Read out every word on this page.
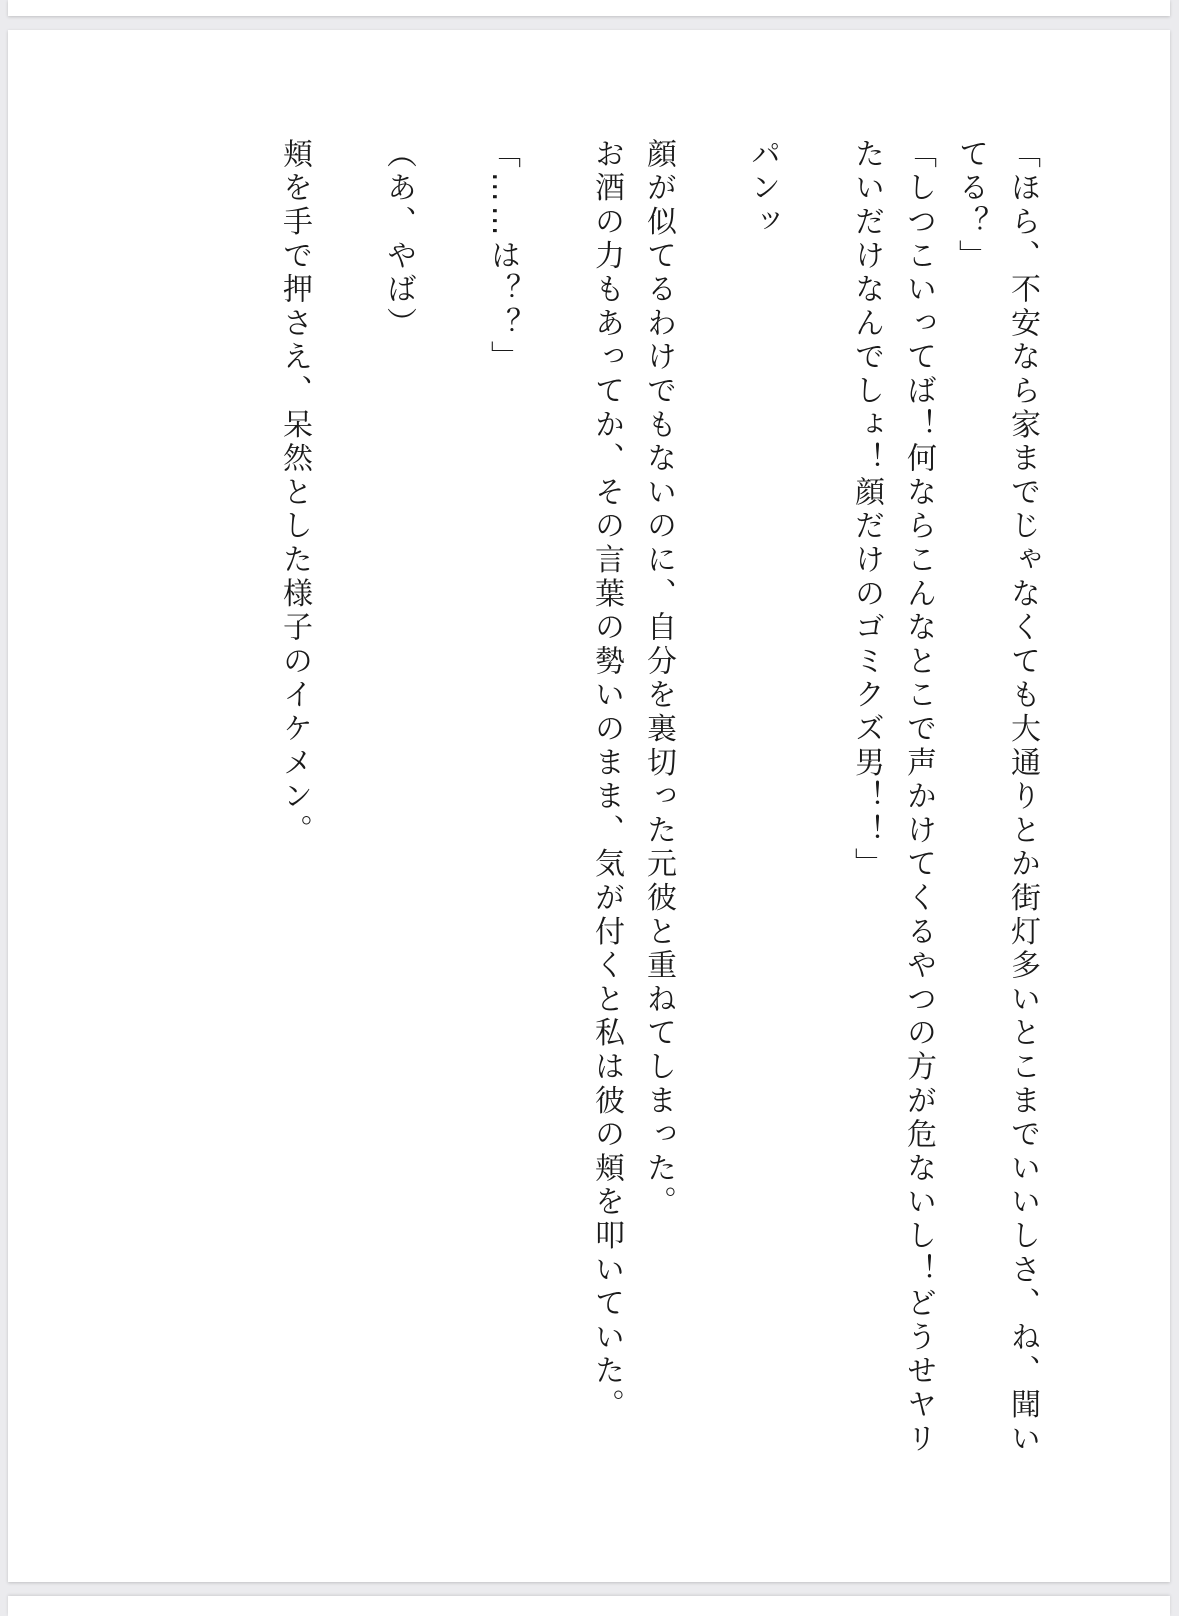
「ほら、不安なら家までじゃなくても大通りとか街灯多いとこまでいいしさ、ね、聞いてる？」

「しつこいってば！何ならこんなとこで声かけてくるやつの方が危ないし！どうせヤリたいだけなんでしょ！顔だけのゴミクズ男！！」

パンッ

顔が似てるわけでもないのに、自分を裏切った元彼と重ねてしまった。

お酒の力もあってか、その言葉の勢いのまま、気が付くと私は彼の頬を叩いていた。

「……は？？」

（あ、やば）

頬を手で押さえ、呆然とした様子のイケメン。
